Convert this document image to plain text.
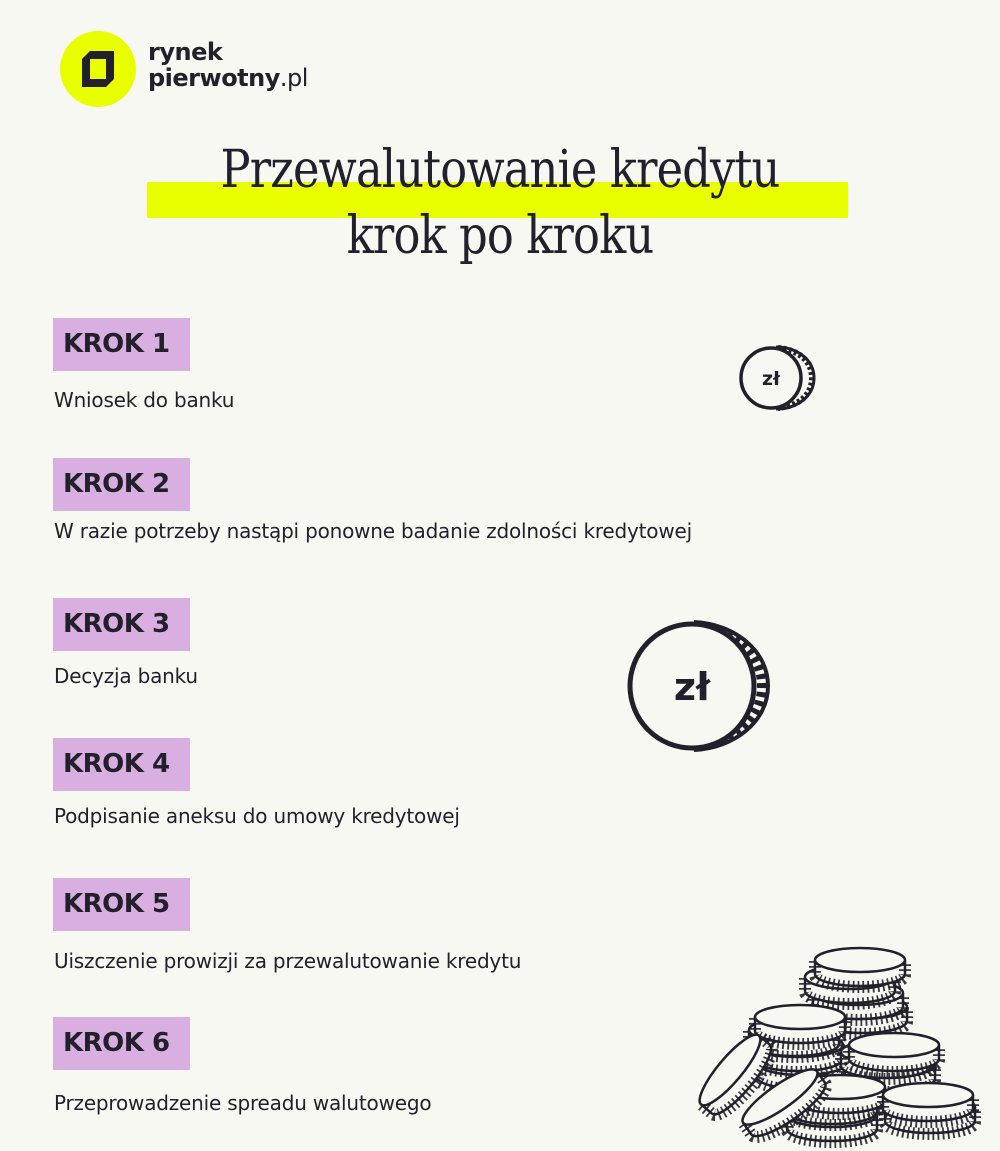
rynek
pierwotny.pl
Przewalutowanie kredytu
krok po kroku
KROK 1
Wniosek do banku
KROK 2
W razie potrzeby nastąpi ponowne badanie zdolności kredytowej
KROK 3
Decyzja banku
KROK 4
Podpisanie aneksu do umowy kredytowej
KROK 5
Uiszczenie prowizji za przewalutowanie kredytu
KROK 6
Przeprowadzenie spreadu walutowego
zł
zł
